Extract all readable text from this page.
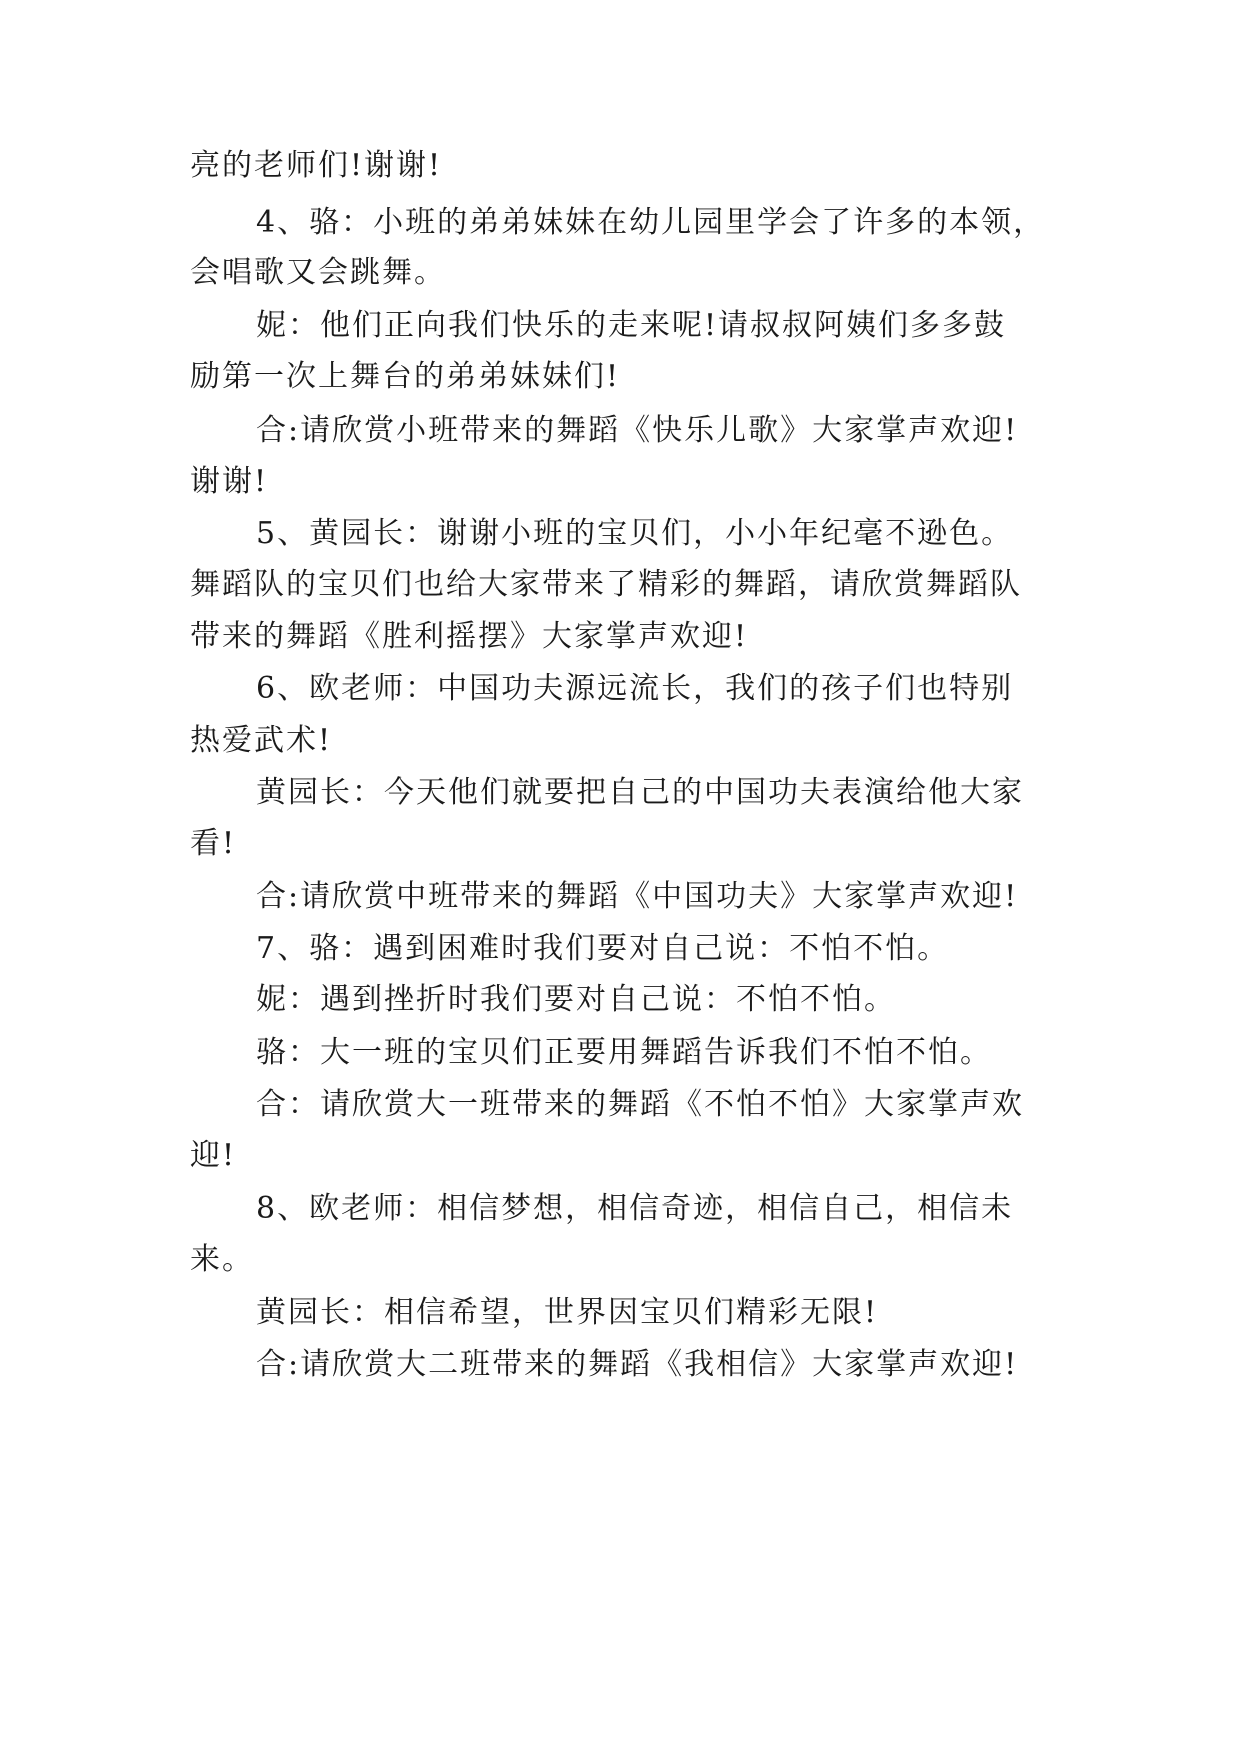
亮的老师们!谢谢!

4、骆：小班的弟弟妹妹在幼儿园里学会了许多的本领，

会唱歌又会跳舞。

妮：他们正向我们快乐的走来呢!请叔叔阿姨们多多鼓

励第一次上舞台的弟弟妹妹们!

合:请欣赏小班带来的舞蹈《快乐儿歌》大家掌声欢迎!

谢谢!

5、黄园长：谢谢小班的宝贝们，小小年纪毫不逊色。

舞蹈队的宝贝们也给大家带来了精彩的舞蹈，请欣赏舞蹈队

带来的舞蹈《胜利摇摆》大家掌声欢迎!

6、欧老师：中国功夫源远流长，我们的孩子们也特别

热爱武术!

黄园长：今天他们就要把自己的中国功夫表演给他大家

看!

合:请欣赏中班带来的舞蹈《中国功夫》大家掌声欢迎!

7、骆：遇到困难时我们要对自己说：不怕不怕。

妮：遇到挫折时我们要对自己说：不怕不怕。

骆：大一班的宝贝们正要用舞蹈告诉我们不怕不怕。

合：请欣赏大一班带来的舞蹈《不怕不怕》大家掌声欢

迎!

8、欧老师：相信梦想，相信奇迹，相信自己，相信未

来。

黄园长：相信希望，世界因宝贝们精彩无限!

合:请欣赏大二班带来的舞蹈《我相信》大家掌声欢迎!
